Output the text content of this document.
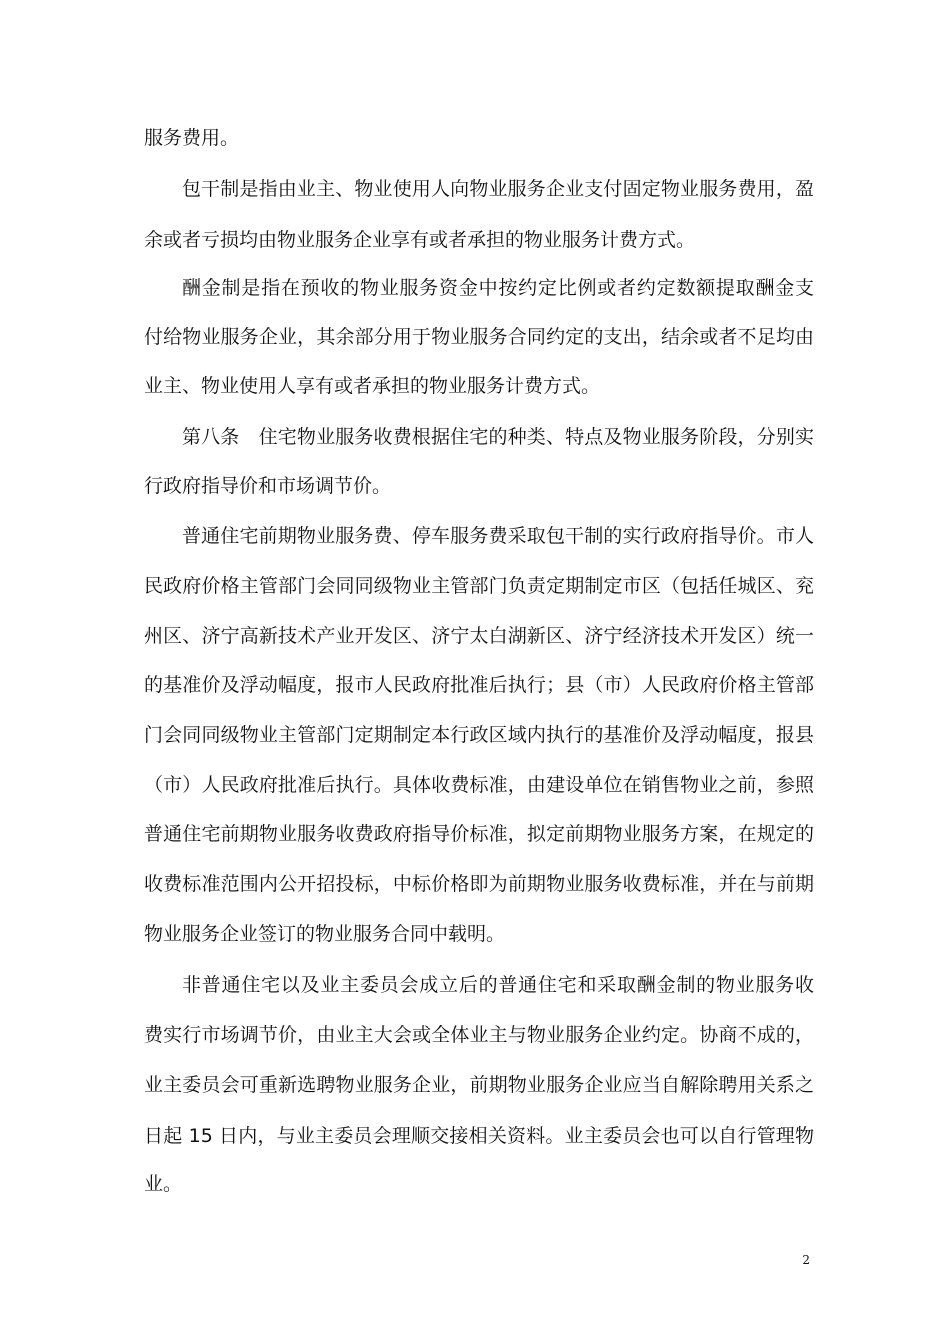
服务费用。
包干制是指由业主、物业使用人向物业服务企业支付固定物业服务费用，盈
余或者亏损均由物业服务企业享有或者承担的物业服务计费方式。
酬金制是指在预收的物业服务资金中按约定比例或者约定数额提取酬金支
付给物业服务企业，其余部分用于物业服务合同约定的支出，结余或者不足均由
业主、物业使用人享有或者承担的物业服务计费方式。
第八条　住宅物业服务收费根据住宅的种类、特点及物业服务阶段，分别实
行政府指导价和市场调节价。
普通住宅前期物业服务费、停车服务费采取包干制的实行政府指导价。市人
民政府价格主管部门会同同级物业主管部门负责定期制定市区（包括任城区、兖
州区、济宁高新技术产业开发区、济宁太白湖新区、济宁经济技术开发区）统一
的基准价及浮动幅度，报市人民政府批准后执行；县（市）人民政府价格主管部
门会同同级物业主管部门定期制定本行政区域内执行的基准价及浮动幅度，报县
（市）人民政府批准后执行。具体收费标准，由建设单位在销售物业之前，参照
普通住宅前期物业服务收费政府指导价标准，拟定前期物业服务方案，在规定的
收费标准范围内公开招投标，中标价格即为前期物业服务收费标准，并在与前期
物业服务企业签订的物业服务合同中载明。
非普通住宅以及业主委员会成立后的普通住宅和采取酬金制的物业服务收
费实行市场调节价，由业主大会或全体业主与物业服务企业约定。协商不成的，
业主委员会可重新选聘物业服务企业，前期物业服务企业应当自解除聘用关系之
日起 15 日内，与业主委员会理顺交接相关资料。业主委员会也可以自行管理物
业。
2
